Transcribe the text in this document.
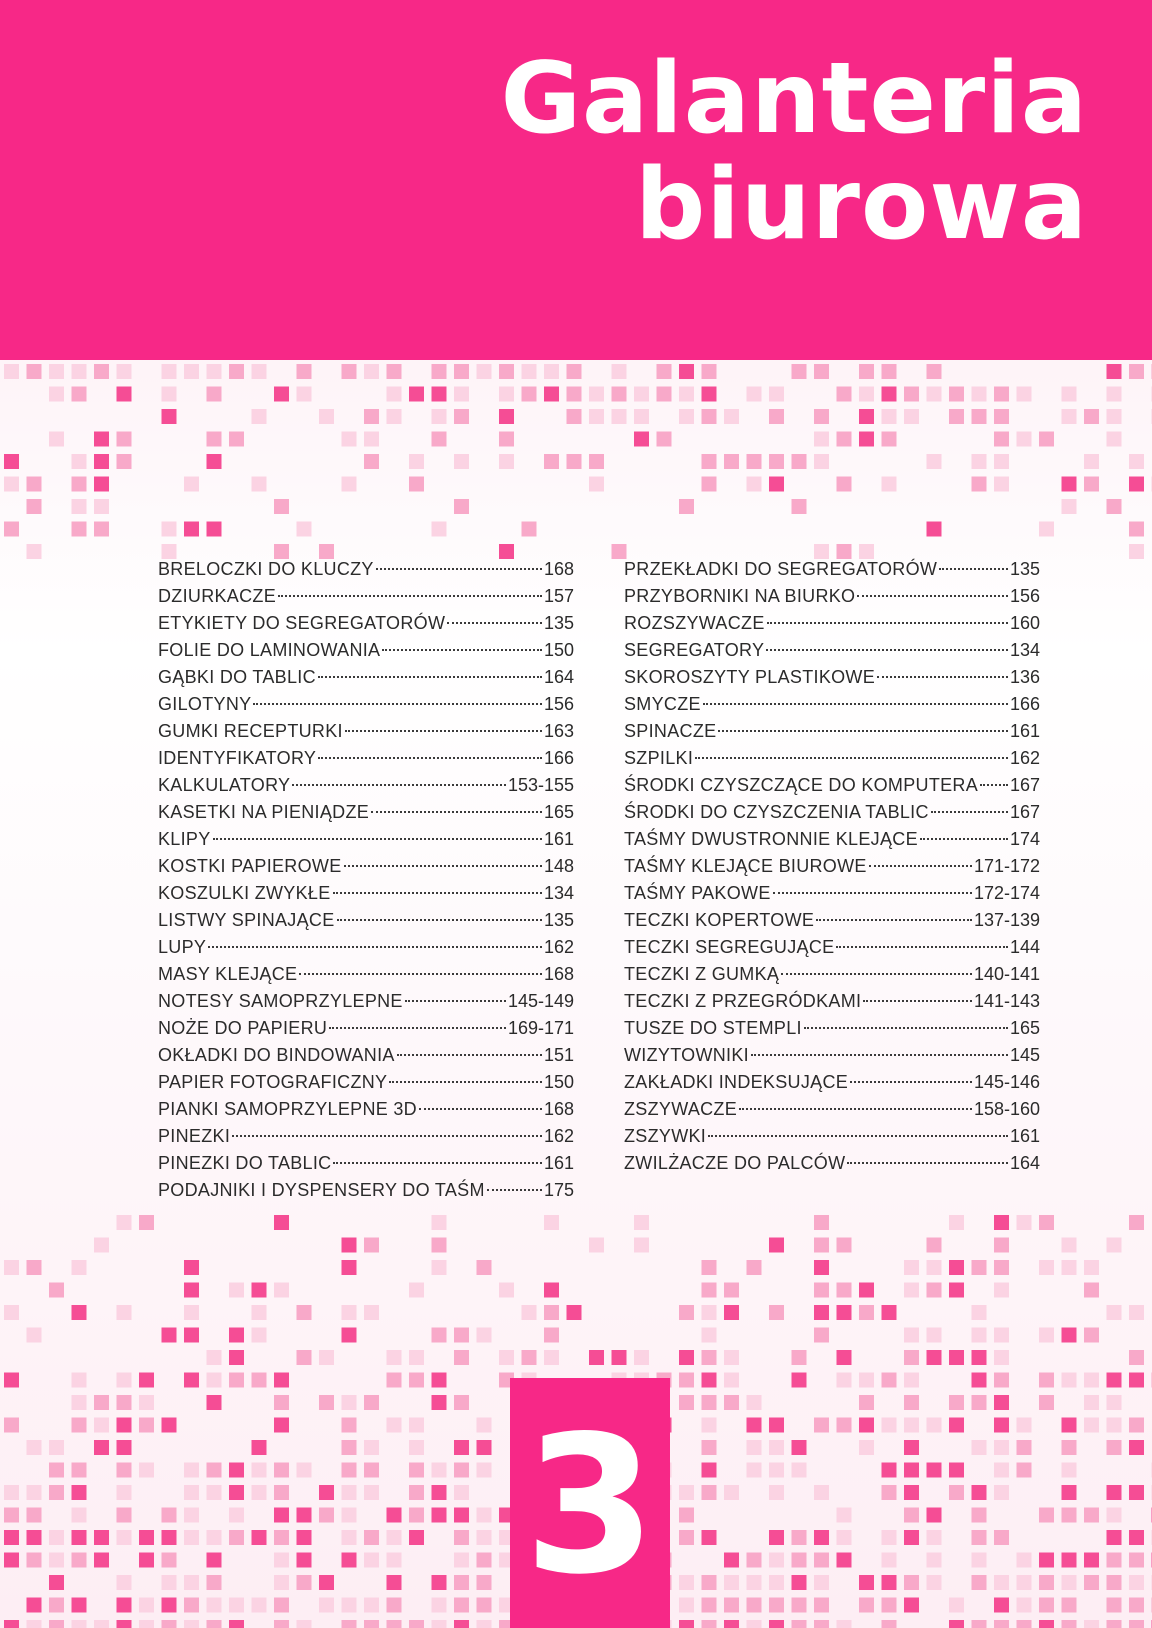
Galanteria
biurowa
BRELOCZKI DO KLUCZY	168
DZIURKACZE	157
ETYKIETY DO SEGREGATORÓW	135
FOLIE DO LAMINOWANIA	150
GĄBKI DO TABLIC	164
GILOTYNY	156
GUMKI RECEPTURKI	163
IDENTYFIKATORY	166
KALKULATORY	153-155
KASETKI NA PIENIĄDZE	165
KLIPY	161
KOSTKI PAPIEROWE	148
KOSZULKI ZWYKŁE	134
LISTWY SPINAJĄCE	135
LUPY	162
MASY KLEJĄCE	168
NOTESY SAMOPRZYLEPNE	145-149
NOŻE DO PAPIERU	169-171
OKŁADKI DO BINDOWANIA	151
PAPIER FOTOGRAFICZNY	150
PIANKI SAMOPRZYLEPNE 3D	168
PINEZKI	162
PINEZKI DO TABLIC	161
PODAJNIKI I DYSPENSERY DO TAŚM	175
PRZEKŁADKI DO SEGREGATORÓW	135
PRZYBORNIKI NA BIURKO	156
ROZSZYWACZE	160
SEGREGATORY	134
SKOROSZYTY PLASTIKOWE	136
SMYCZE	166
SPINACZE	161
SZPILKI	162
ŚRODKI CZYSZCZĄCE DO KOMPUTERA 167
ŚRODKI DO CZYSZCZENIA TABLIC	167
TAŚMY DWUSTRONNIE KLEJĄCE	174
TAŚMY KLEJĄCE BIUROWE	171-172
TAŚMY PAKOWE	172-174
TECZKI KOPERTOWE	137-139
TECZKI SEGREGUJĄCE	144
TECZKI Z GUMKĄ	140-141
TECZKI Z PRZEGRÓDKAMI	141-143
TUSZE DO STEMPLI	165
WIZYTOWNIKI	145
ZAKŁADKI INDEKSUJĄCE	145-146
ZSZYWACZE	158-160
ZSZYWKI	161
ZWILŻACZE DO PALCÓW	164
3
